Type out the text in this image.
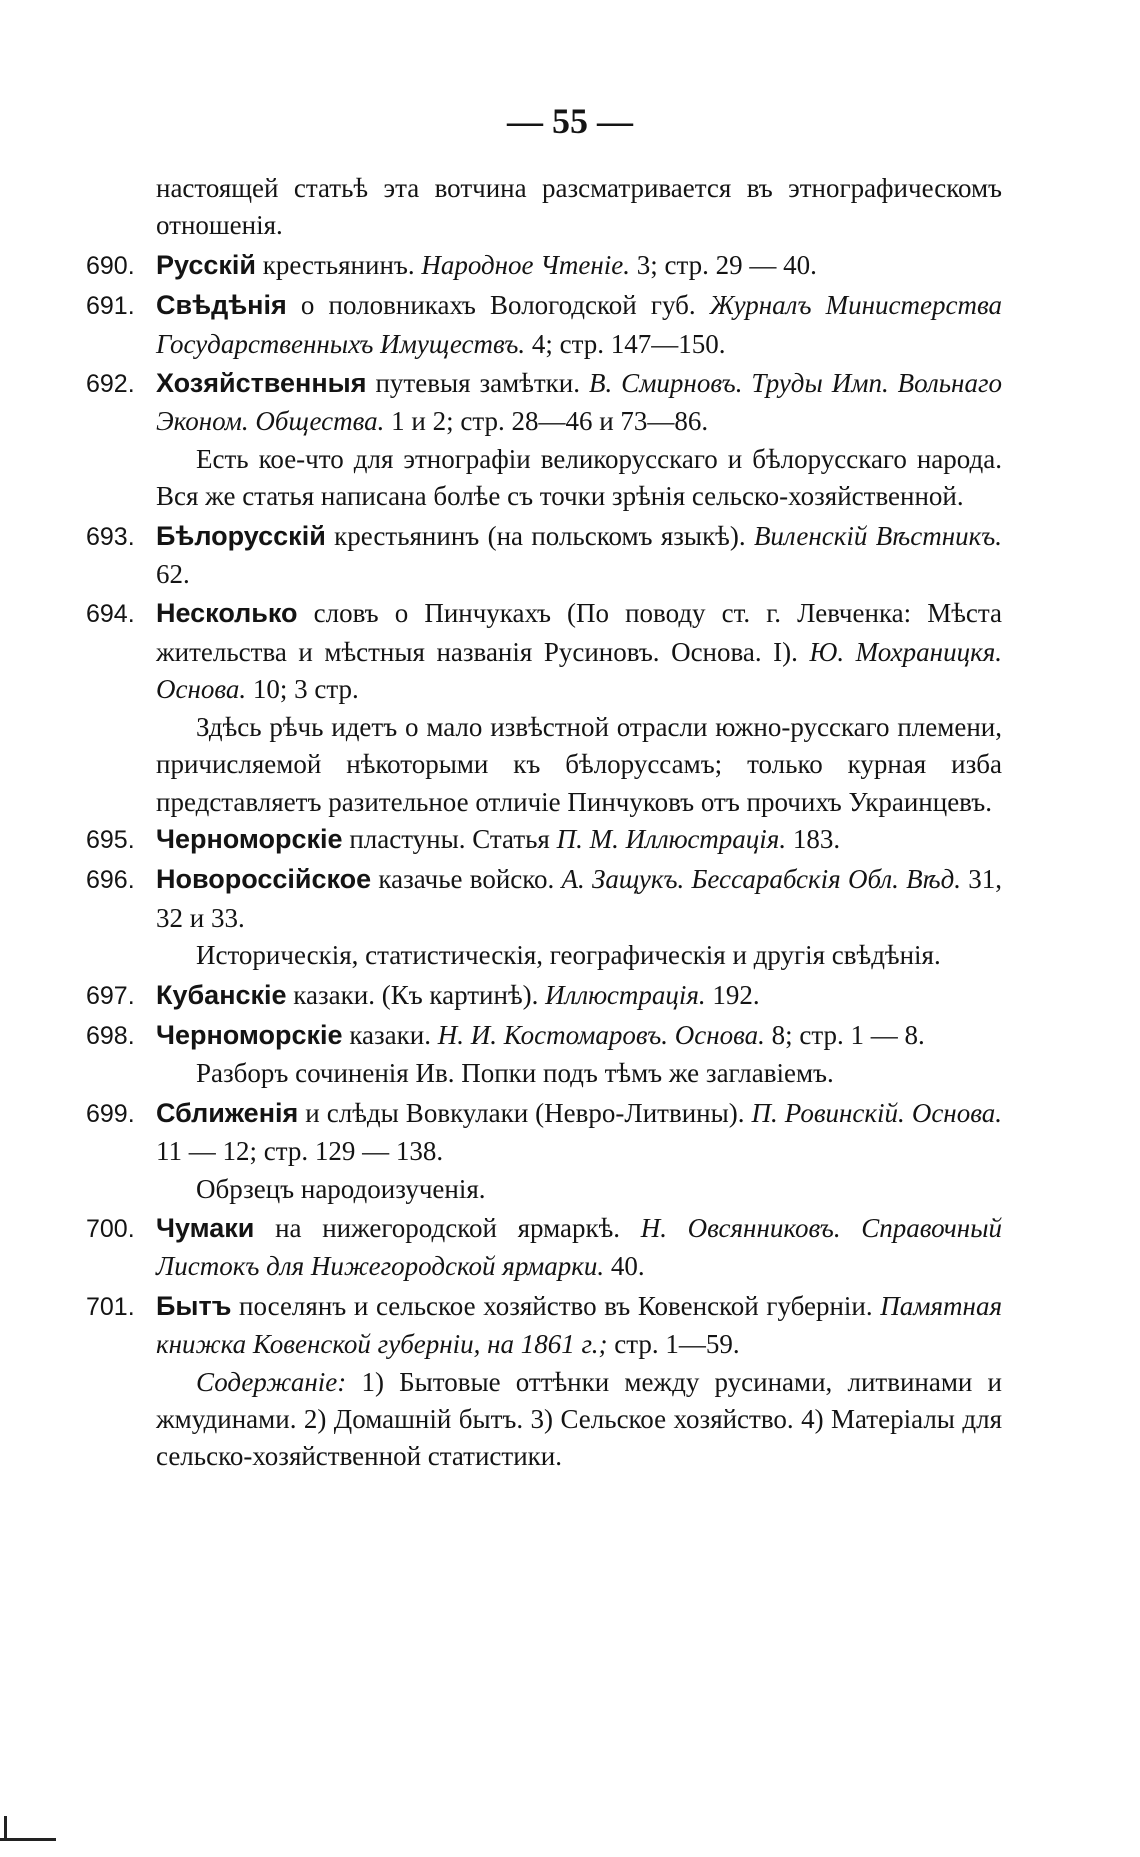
— 55 —

настоящей статьѣ эта вотчина разсматривается въ этнографическомъ отношенія.

690. Русскій крестьянинъ. Народное Чтеніе. 3; стр. 29 — 40.

691. Свѣдѣнія о половникахъ Вологодской губ. Журналъ Министерства Государственныхъ Имуществъ. 4; стр. 147—150.

692. Хозяйственныя путевыя замѣтки. В. Смирновъ. Труды Имп. Вольнаго Эконом. Общества. 1 и 2; стр. 28—46 и 73—86.

Есть кое-что для этнографіи великорусскаго и бѣлорусскаго народа. Вся же статья написана болѣе съ точки зрѣнія сельско-хозяйственной.

693. Бѣлорусскій крестьянинъ (на польскомъ языкѣ). Виленскій Вѣстникъ. 62.

694. Несколько словъ о Пинчукахъ (По поводу ст. г. Левченка: Мѣста жительства и мѣстныя названія Русиновъ. Основа. I). Ю. Мохраницкя. Основа. 10; 3 стр.

Здѣсь рѣчь идетъ о мало извѣстной отрасли южно-русскаго племени, причисляемой нѣкоторыми къ бѣлоруссамъ; только курная изба представляетъ разительное отличіе Пинчуковъ отъ прочихъ Украинцевъ.

695. Черноморскіе пластуны. Статья П. М. Иллюстрація. 183.

696. Новороссійское казачье войско. А. Защукъ. Бессарабскія Обл. Вѣд. 31, 32 и 33.

Историческія, статистическія, географическія и другія свѣдѣнія.

697. Кубанскіе казаки. (Къ картинѣ). Иллюстрація. 192.

698. Черноморскіе казаки. Н. И. Костомаровъ. Основа. 8; стр. 1 — 8.

Разборъ сочиненія Ив. Попки подъ тѣмъ же заглавіемъ.

699. Сближенія и слѣды Вовкулаки (Невро-Литвины). П. Ровинскій. Основа. 11 — 12; стр. 129 — 138.

Обрзецъ народоизученія.

700. Чумаки на нижегородской ярмаркѣ. Н. Овсянниковъ. Справочный Листокъ для Нижегородской ярмарки. 40.

701. Бытъ поселянъ и сельское хозяйство въ Ковенской губерніи. Памятная книжка Ковенской губерніи, на 1861 г.; стр. 1—59.

Содержаніе: 1) Бытовые оттѣнки между русинами, литвинами и жмудинами. 2) Домашній бытъ. 3) Сельское хозяйство. 4) Матеріалы для сельско-хозяйственной статистики.
